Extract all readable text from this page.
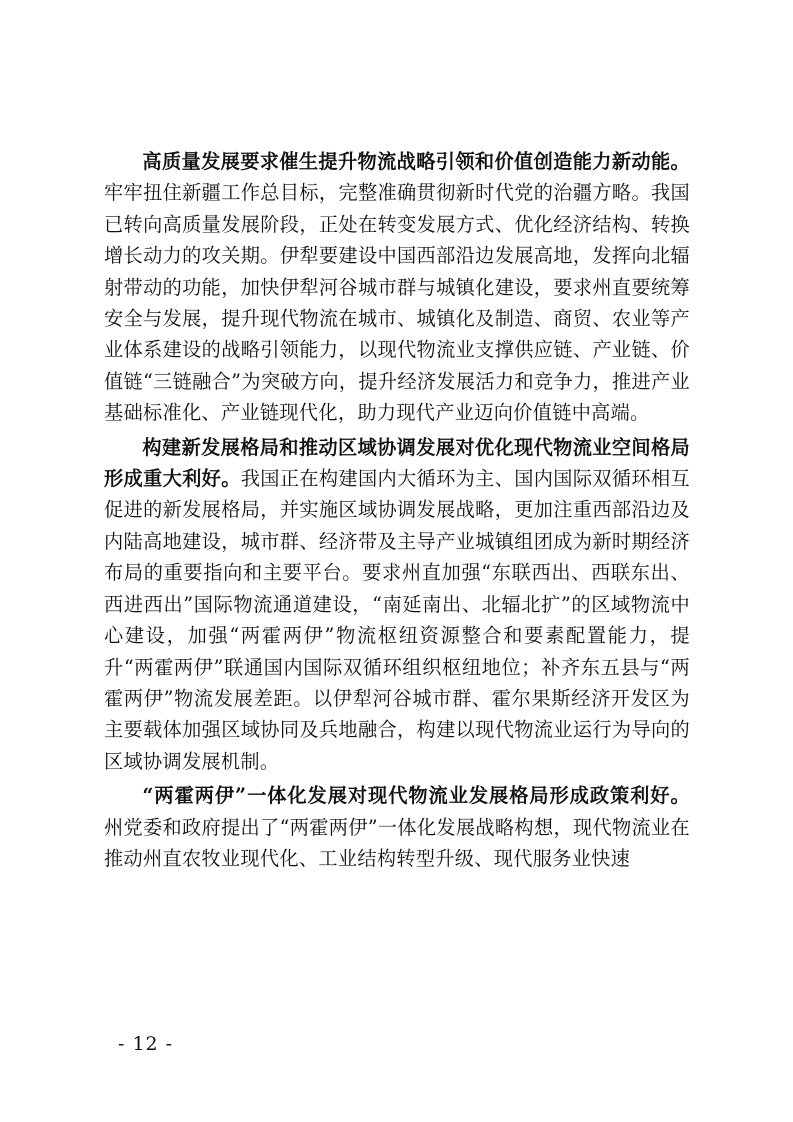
高质量发展要求催生提升物流战略引领和价值创造能力新动能。牢牢扭住新疆工作总目标，完整准确贯彻新时代党的治疆方略。我国已转向高质量发展阶段，正处在转变发展方式、优化经济结构、转换增长动力的攻关期。伊犁要建设中国西部沿边发展高地，发挥向北辐射带动的功能，加快伊犁河谷城市群与城镇化建设，要求州直要统筹安全与发展，提升现代物流在城市、城镇化及制造、商贸、农业等产业体系建设的战略引领能力，以现代物流业支撑供应链、产业链、价值链“三链融合”为突破方向，提升经济发展活力和竞争力，推进产业基础标准化、产业链现代化，助力现代产业迈向价值链中高端。

构建新发展格局和推动区域协调发展对优化现代物流业空间格局形成重大利好。我国正在构建国内大循环为主、国内国际双循环相互促进的新发展格局，并实施区域协调发展战略，更加注重西部沿边及内陆高地建设，城市群、经济带及主导产业城镇组团成为新时期经济布局的重要指向和主要平台。要求州直加强“东联西出、西联东出、西进西出”国际物流通道建设，“南延南出、北辐北扩”的区域物流中心建设，加强“两霍两伊”物流枢纽资源整合和要素配置能力，提升“两霍两伊”联通国内国际双循环组织枢纽地位；补齐东五县与“两霍两伊”物流发展差距。以伊犁河谷城市群、霍尔果斯经济开发区为主要载体加强区域协同及兵地融合，构建以现代物流业运行为导向的区域协调发展机制。

“两霍两伊”一体化发展对现代物流业发展格局形成政策利好。州党委和政府提出了“两霍两伊”一体化发展战略构想，现代物流业在推动州直农牧业现代化、工业结构转型升级、现代服务业快速

- 12 -
